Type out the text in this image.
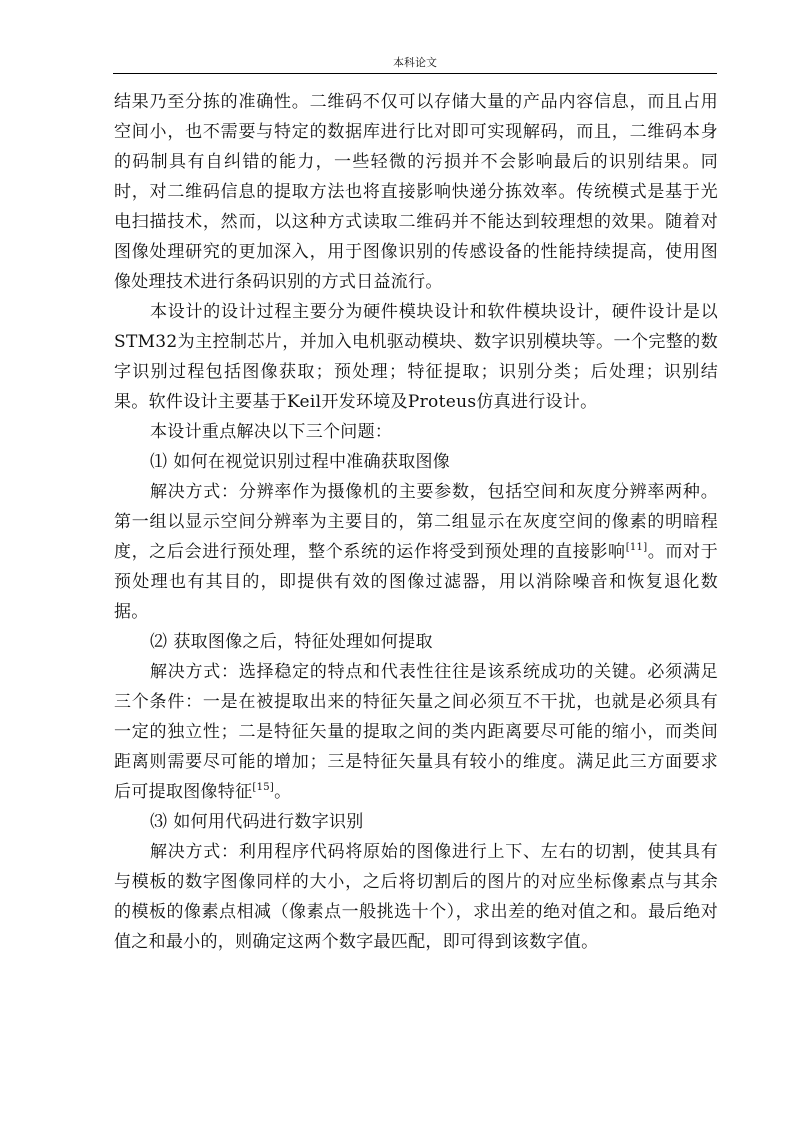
本科论文

结果乃至分拣的准确性。二维码不仅可以存储大量的产品内容信息，而且占用空间小，也不需要与特定的数据库进行比对即可实现解码，而且，二维码本身的码制具有自纠错的能力，一些轻微的污损并不会影响最后的识别结果。同时，对二维码信息的提取方法也将直接影响快递分拣效率。传统模式是基于光电扫描技术，然而，以这种方式读取二维码并不能达到较理想的效果。随着对图像处理研究的更加深入，用于图像识别的传感设备的性能持续提高，使用图像处理技术进行条码识别的方式日益流行。

本设计的设计过程主要分为硬件模块设计和软件模块设计，硬件设计是以STM32为主控制芯片，并加入电机驱动模块、数字识别模块等。一个完整的数字识别过程包括图像获取；预处理；特征提取；识别分类；后处理；识别结果。软件设计主要基于Keil开发环境及Proteus仿真进行设计。

本设计重点解决以下三个问题：

⑴ 如何在视觉识别过程中准确获取图像

解决方式：分辨率作为摄像机的主要参数，包括空间和灰度分辨率两种。第一组以显示空间分辨率为主要目的，第二组显示在灰度空间的像素的明暗程度，之后会进行预处理，整个系统的运作将受到预处理的直接影响[11]。而对于预处理也有其目的，即提供有效的图像过滤器，用以消除噪音和恢复退化数据。

⑵ 获取图像之后，特征处理如何提取

解决方式：选择稳定的特点和代表性往往是该系统成功的关键。必须满足三个条件：一是在被提取出来的特征矢量之间必须互不干扰，也就是必须具有一定的独立性；二是特征矢量的提取之间的类内距离要尽可能的缩小，而类间距离则需要尽可能的增加；三是特征矢量具有较小的维度。满足此三方面要求后可提取图像特征[15]。

⑶ 如何用代码进行数字识别

解决方式：利用程序代码将原始的图像进行上下、左右的切割，使其具有与模板的数字图像同样的大小，之后将切割后的图片的对应坐标像素点与其余的模板的像素点相减（像素点一般挑选十个），求出差的绝对值之和。最后绝对值之和最小的，则确定这两个数字最匹配，即可得到该数字值。
